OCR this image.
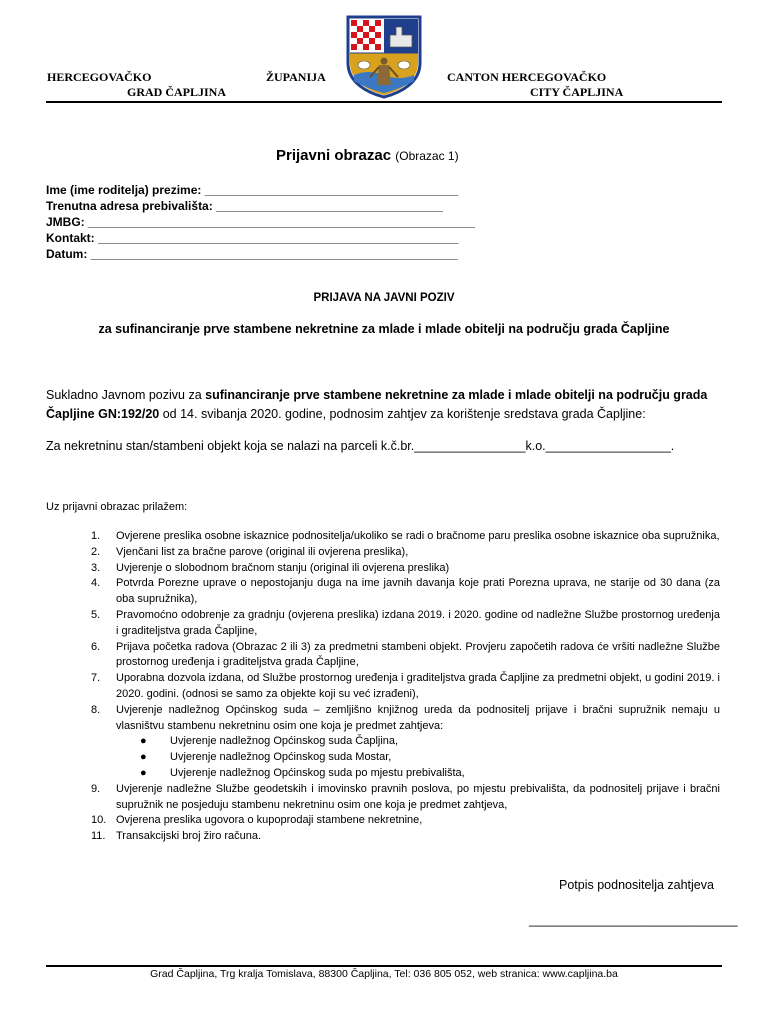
HERCEGOVAČKO
GRAD ČAPLJINA
ŽUPANIJA	CANTON HERCEGOVAČKO
CITY ČAPLJINA
Prijavni obrazac (Obrazac 1)
Ime (ime roditelja) prezime: ______________________________________
Trenutna adresa prebivališta: __________________________________
JMBG: __________________________________________________________
Kontakt: ______________________________________________________
Datum: _______________________________________________________
PRIJAVA NA JAVNI POZIV
za sufinanciranje prve stambene nekretnine za mlade i mlade obitelji na području grada Čapljine
Sukladno Javnom pozivu za sufinanciranje prve stambene nekretnine za mlade i mlade obitelji na području grada Čapljine GN:192/20 od 14. svibanja 2020. godine, podnosim zahtjev za korištenje sredstava grada Čapljine:
Za nekretninu stan/stambeni objekt koja se nalazi na parceli k.č.br.________________k.o.__________________.
Uz prijavni obrazac prilažem:
1. Ovjerene preslika osobne iskaznice podnositelja/ukoliko se radi o bračnome paru preslika osobne iskaznice oba supružnika,
2. Vjenčani list za bračne parove (original ili ovjerena preslika),
3. Uvjerenje o slobodnom bračnom stanju (original ili ovjerena preslika)
4. Potvrda Porezne uprave o nepostojanju duga na ime javnih davanja koje prati Porezna uprava, ne starije od 30 dana (za oba supružnika),
5. Pravomoćno odobrenje za gradnju (ovjerena preslika) izdana 2019. i 2020. godine od nadležne Službe prostornog uređenja i graditeljstva grada Čapljine,
6. Prijava početka radova (Obrazac 2 ili 3) za predmetni stambeni objekt. Provjeru započetih radova će vršiti nadležne Službe prostornog uređenja i graditeljstva grada Čapljine,
7. Uporabna dozvola izdana, od Službe prostornog uređenja i graditeljstva grada Čapljine za predmetni objekt, u godini 2019. i 2020. godini. (odnosi se samo za objekte koji su već izrađeni),
8. Uvjerenje nadležnog Općinskog suda – zemljišno knjižnog ureda da podnositelj prijave i bračni supružnik nemaju u vlasništvu stambenu nekretninu osim one koja je predmet zahtjeva:
● Uvjerenje nadležnog Općinskog suda Čapljina,
● Uvjerenje nadležnog Općinskog suda Mostar,
● Uvjerenje nadležnog Općinskog suda po mjestu prebivališta,
9. Uvjerenje nadležne Službe geodetskih i imovinsko pravnih poslova, po mjestu prebivališta, da podnositelj prijave i bračni supružnik ne posjeduju stambenu nekretninu osim one koja je predmet zahtjeva,
10. Ovjerena preslika ugovora o kupoprodaji stambene nekretnine,
11. Transakcijski broj žiro računa.
Potpis podnositelja zahtjeva
______________________________
Grad Čapljina, Trg kralja Tomislava, 88300 Čapljina, Tel: 036 805 052, web stranica: www.capljina.ba
